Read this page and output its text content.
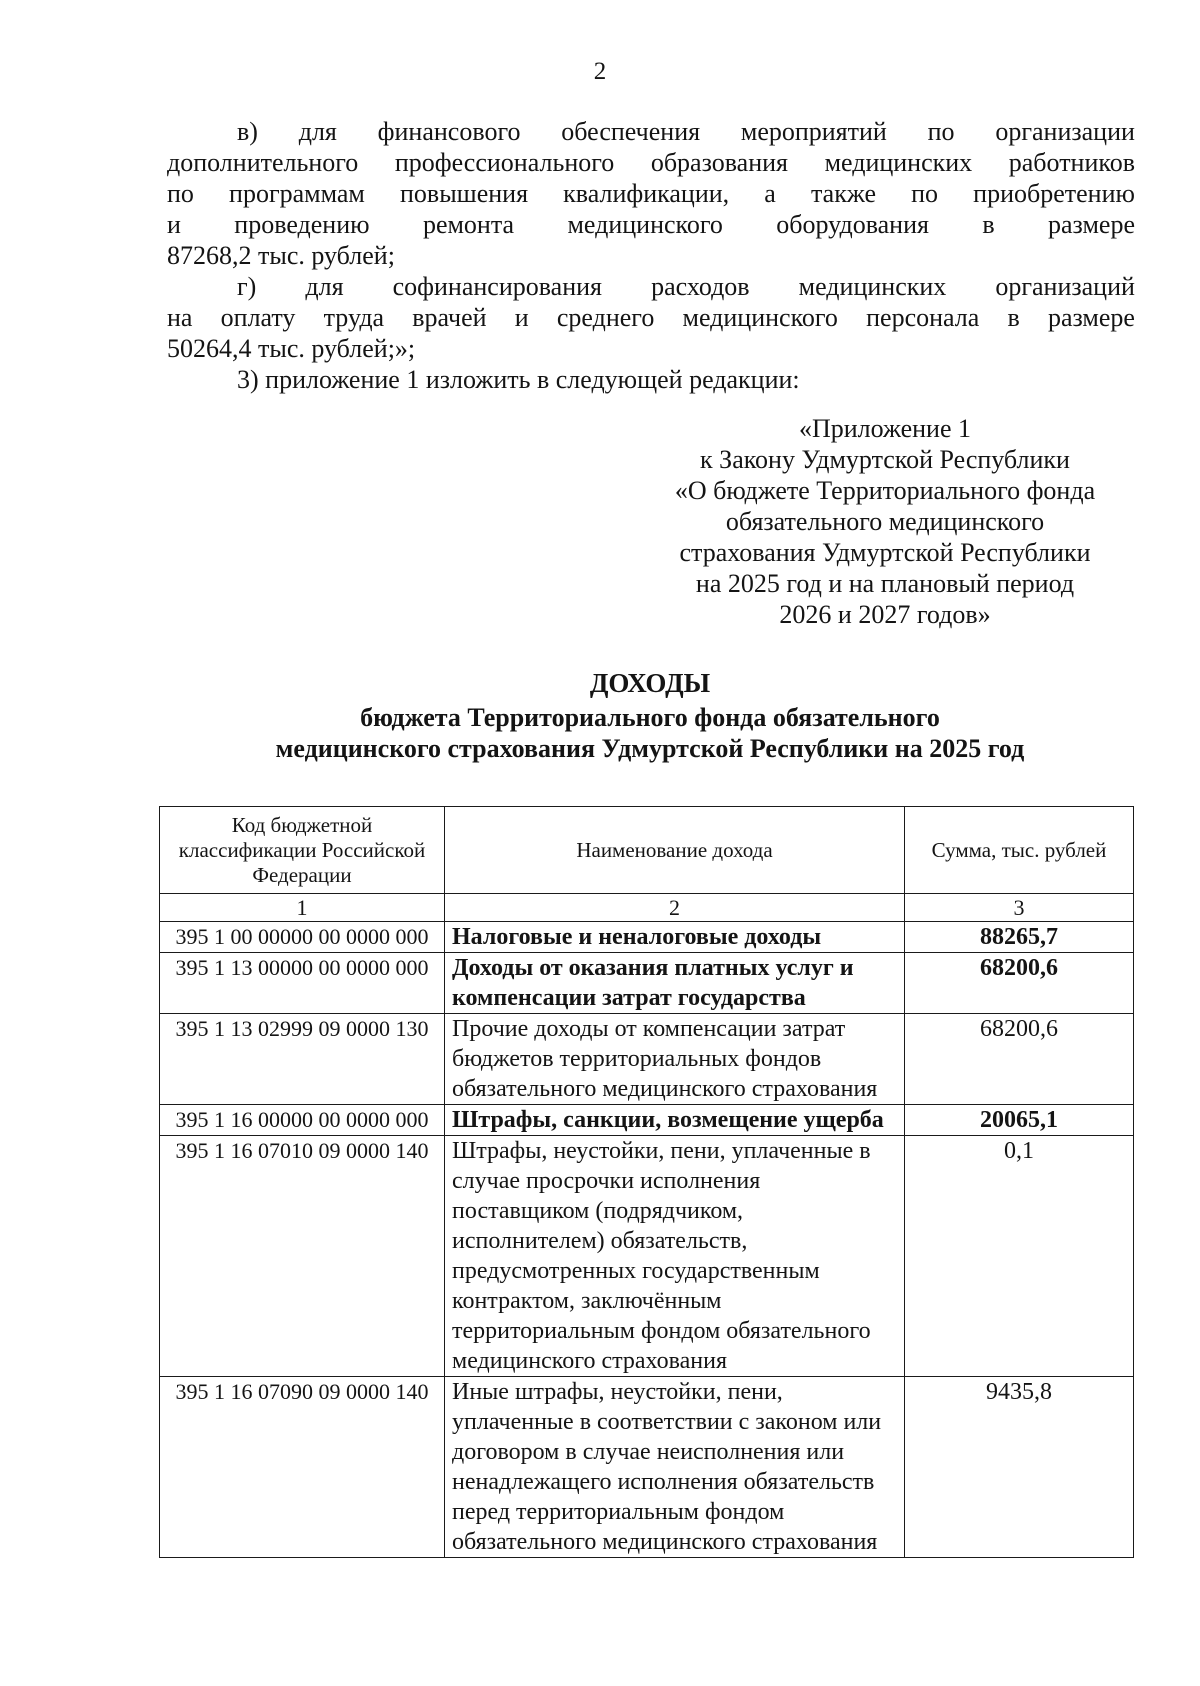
2
в) для финансового обеспечения мероприятий по организации
дополнительного профессионального образования медицинских работников
по программам повышения квалификации, а также по приобретению
и проведению ремонта медицинского оборудования в размере
87268,2 тыс. рублей;
г) для софинансирования расходов медицинских организаций
на оплату труда врачей и среднего медицинского персонала в размере
50264,4 тыс. рублей;»;
3) приложение 1 изложить в следующей редакции:
«Приложение 1
к Закону Удмуртской Республики
«О бюджете Территориального фонда
обязательного медицинского
страхования Удмуртской Республики
на 2025 год и на плановый период
2026 и 2027 годов»
ДОХОДЫ
бюджета Территориального фонда обязательного
медицинского страхования Удмуртской Республики на 2025 год
Код бюджетной классификации Российской Федерации	Наименование дохода	Сумма, тыс. рублей
1	2	3
395 1 00 00000 00 0000 000	Налоговые и неналоговые доходы	88265,7
395 1 13 00000 00 0000 000	Доходы от оказания платных услуг и компенсации затрат государства	68200,6
395 1 13 02999 09 0000 130	Прочие доходы от компенсации затрат бюджетов территориальных фондов обязательного медицинского страхования	68200,6
395 1 16 00000 00 0000 000	Штрафы, санкции, возмещение ущерба	20065,1
395 1 16 07010 09 0000 140	Штрафы, неустойки, пени, уплаченные в случае просрочки исполнения поставщиком (подрядчиком, исполнителем) обязательств, предусмотренных государственным контрактом, заключённым территориальным фондом обязательного медицинского страхования	0,1
395 1 16 07090 09 0000 140	Иные штрафы, неустойки, пени, уплаченные в соответствии с законом или договором в случае неисполнения или ненадлежащего исполнения обязательств перед территориальным фондом обязательного медицинского страхования	9435,8
